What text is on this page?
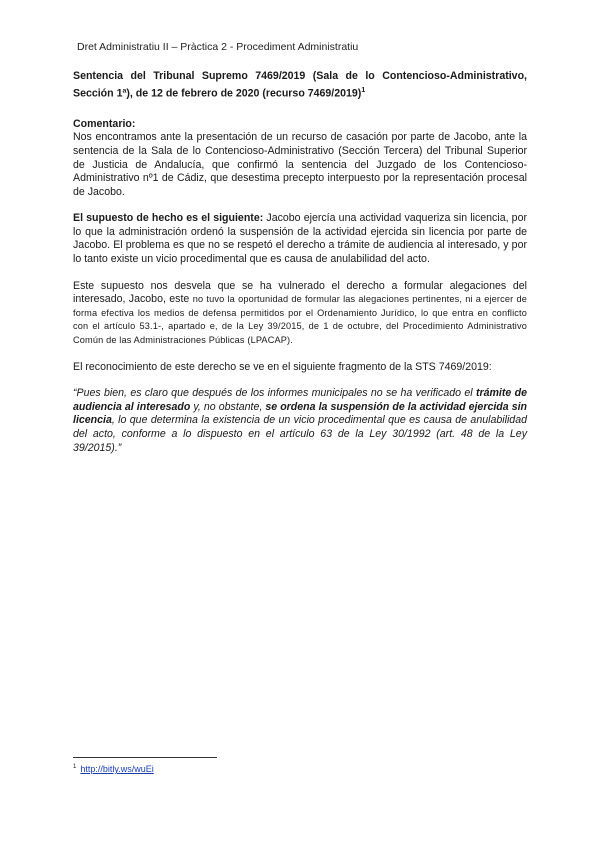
Dret Administratiu II – Pràctica 2 - Procediment Administratiu
Sentencia del Tribunal Supremo 7469/2019 (Sala de lo Contencioso-Administrativo, Sección 1ª), de 12 de febrero de 2020 (recurso 7469/2019)$^1$
Comentario:

Nos encontramos ante la presentación de un recurso de casación por parte de Jacobo, ante la sentencia de la Sala de lo Contencioso-Administrativo (Sección Tercera) del Tribunal Superior de Justicia de Andalucía, que confirmó la sentencia del Juzgado de los Contencioso-Administrativo nº1 de Cádiz, que desestima precepto interpuesto por la representación procesal de Jacobo.

El supuesto de hecho es el siguiente: Jacobo ejercía una actividad vaqueriza sin licencia, por lo que la administración ordenó la suspensión de la actividad ejercida sin licencia por parte de Jacobo. El problema es que no se respetó el derecho a trámite de audiencia al interesado, y por lo tanto existe un vicio procedimental que es causa de anulabilidad del acto.

Este supuesto nos desvela que se ha vulnerado el derecho a formular alegaciones del interesado, Jacobo, este no tuvo la oportunidad de formular las alegaciones pertinentes, ni a ejercer de forma efectiva los medios de defensa permitidos por el Ordenamiento Jurídico, lo que entra en conflicto con el artículo 53.1-, apartado e, de la Ley 39/2015, de 1 de octubre, del Procedimiento Administrativo Común de las Administraciones Públicas (LPACAP).

El reconocimiento de este derecho se ve en el siguiente fragmento de la STS 7469/2019:

“Pues bien, es claro que después de los informes municipales no se ha verificado el trámite de audiencia al interesado y, no obstante, se ordena la suspensión de la actividad ejercida sin licencia, lo que determina la existencia de un vicio procedimental que es causa de anulabilidad del acto, conforme a lo dispuesto en el artículo 63 de la Ley 30/1992 (art. 48 de la Ley 39/2015).”

$^1$ http://bitly.ws/wuEi
